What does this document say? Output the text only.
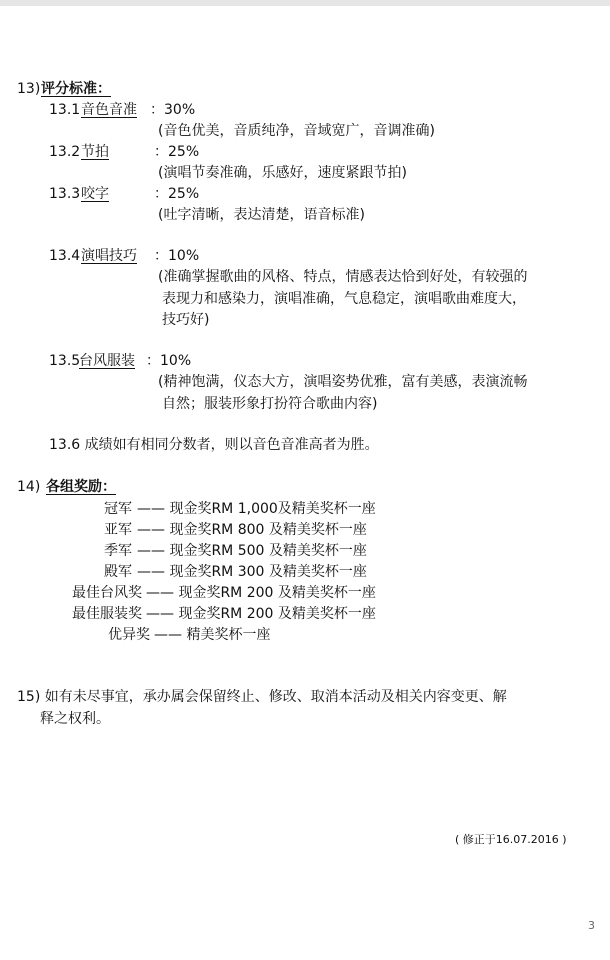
13) 评分标准：
13.1 音色音准 ：30%
(音色优美，音质纯净，音域宽广，音调准确)
13.2 节拍	：25%
(演唱节奏准确，乐感好，速度紧跟节拍)
13.3 咬字	：25%
(吐字清晰，表达清楚，语音标准)
13.4 演唱技巧 ：10%
(准确掌握歌曲的风格、特点，情感表达恰到好处，有较强的
表现力和感染力，演唱准确，气息稳定，演唱歌曲难度大，
技巧好)
13.5
台风服装 ：10%
(精神饱满，仪态大方，演唱姿势优雅，富有美感，表演流畅
自然；服装形象打扮符合歌曲内容)
13.6 成绩如有相同分数者，则以音色音准高者为胜。
14) 各组奖励：
冠军 —— 现金奖RM 1,000及精美奖杯一座
亚军 —— 现金奖RM 800 及精美奖杯一座
季军 —— 现金奖RM 500 及精美奖杯一座
殿军 —— 现金奖RM 300 及精美奖杯一座
最佳台风奖 —— 现金奖RM 200 及精美奖杯一座
最佳服装奖 —— 现金奖RM 200 及精美奖杯一座
优异奖 —— 精美奖杯一座
15) 如有未尽事宜，承办属会保留终止、修改、取消本活动及相关内容变更、解
释之权利。
( 修正于16.07.2016 )
3
